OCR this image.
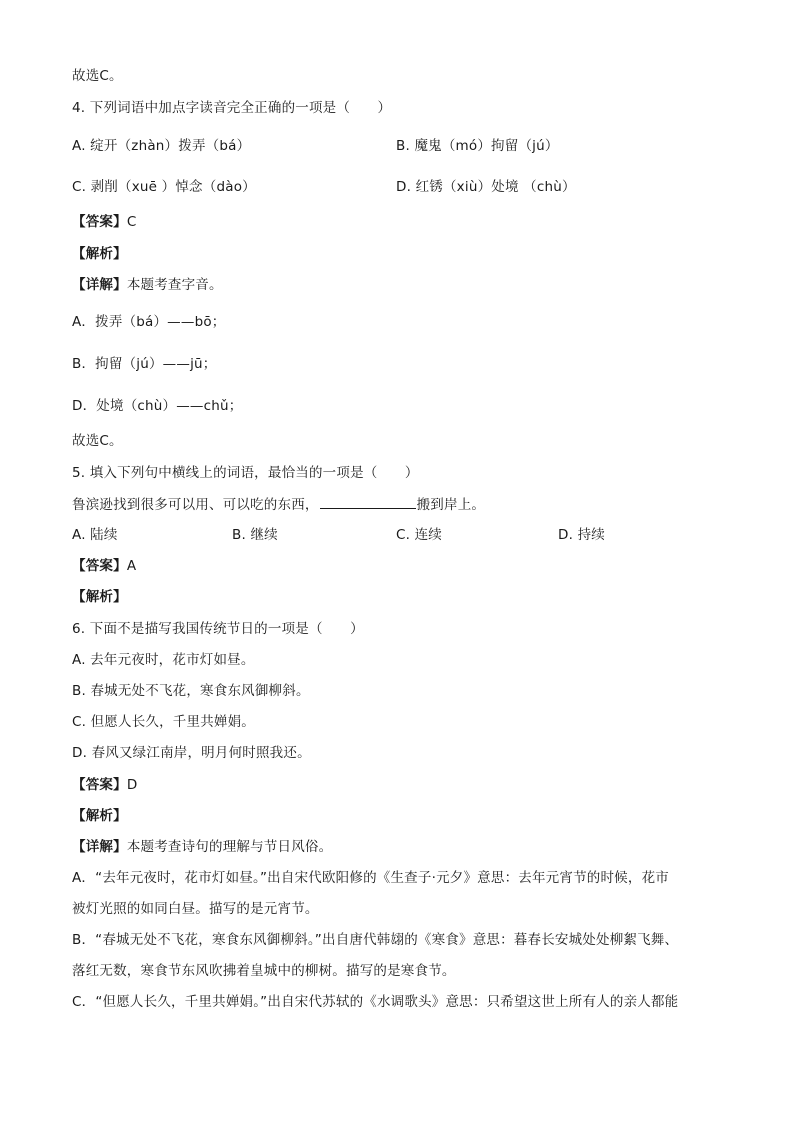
故选C。
4. 下列词语中加点字读音完全正确的一项是（　　）
A. 绽开（zhàn）拨弄（bá）	B. 魔鬼（mó）拘留（jú）
C. 剥削（xuē ）悼念（dào）	D. 红锈（xiù）处境 （chù）
【答案】C
【解析】
【详解】本题考查字音。
A．拨弄（bá）——bō；
B．拘留（jú）——jū；
D．处境（chù）——chǔ；
故选C。
5. 填入下列句中横线上的词语，最恰当的一项是（　　）
鲁滨逊找到很多可以用、可以吃的东西，	搬到岸上。
A. 陆续	B. 继续	C. 连续	D. 持续
【答案】A
【解析】
6. 下面不是描写我国传统节日的一项是（　　）
A. 去年元夜时，花市灯如昼。
B. 春城无处不飞花，寒食东风御柳斜。
C. 但愿人长久，千里共婵娟。
D. 春风又绿江南岸，明月何时照我还。
【答案】D
【解析】
【详解】本题考查诗句的理解与节日风俗。
A．“去年元夜时，花市灯如昼。”出自宋代欧阳修的《生查子·元夕》意思：去年元宵节的时候，花市
被灯光照的如同白昼。描写的是元宵节。
B．“春城无处不飞花，寒食东风御柳斜。”出自唐代韩翃的《寒食》意思：暮春长安城处处柳絮飞舞、
落红无数，寒食节东风吹拂着皇城中的柳树。描写的是寒食节。
C．“但愿人长久，千里共婵娟。”出自宋代苏轼的《水调歌头》意思：只希望这世上所有人的亲人都能
